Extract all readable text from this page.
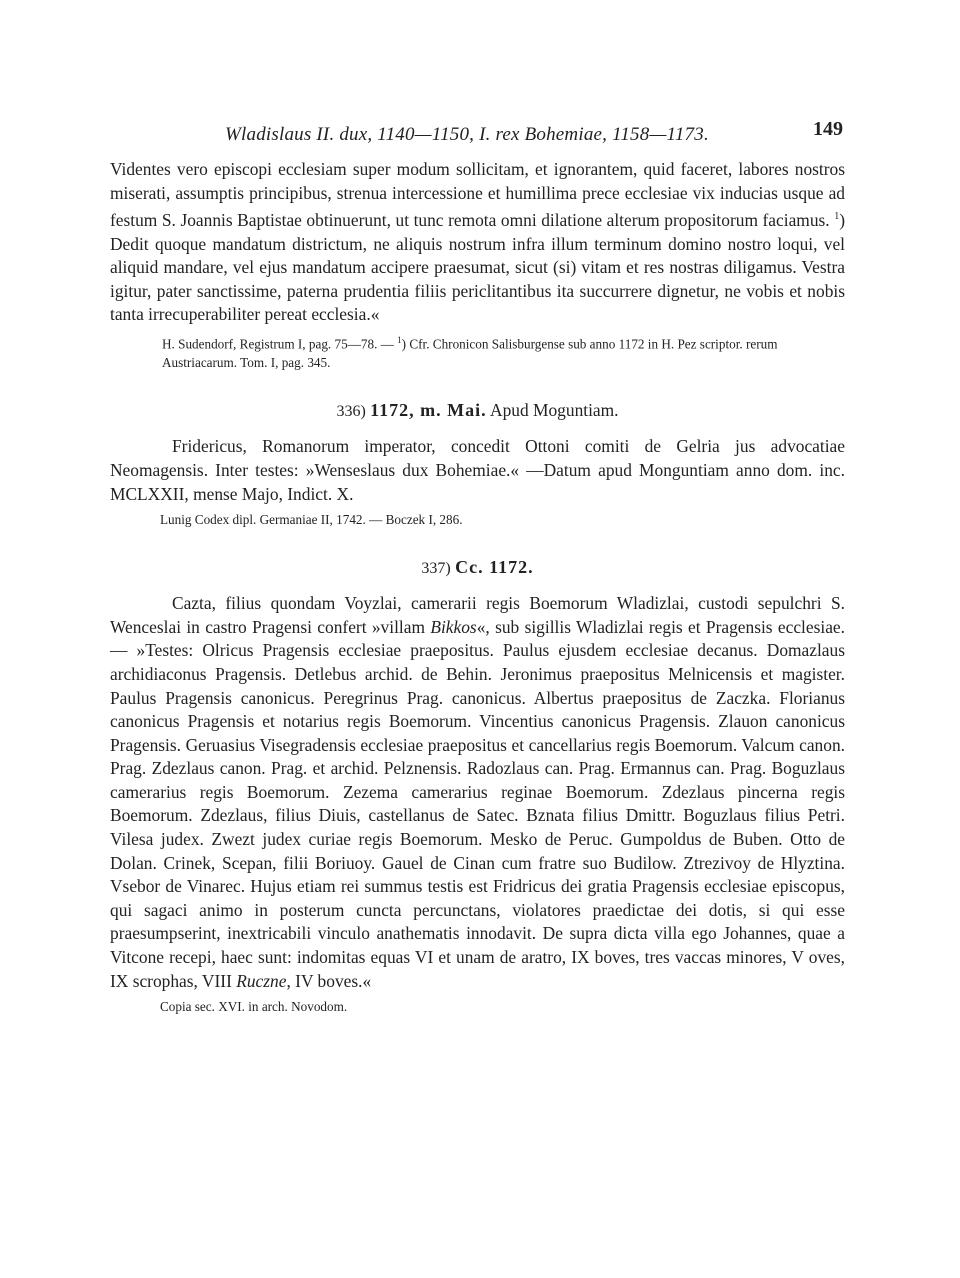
Wladislaus II. dux, 1140—1150, I. rex Bohemiae, 1158—1173.	149

Videntes vero episcopi ecclesiam super modum sollicitam, et ignorantem, quid faceret, labores nostros miserati, assumptis principibus, strenua intercessione et humillima prece ecclesiae vix inducias usque ad festum S. Joannis Baptistae obtinuerunt, ut tunc remota omni dilatione alterum propositorum faciamus. $^1$) Dedit quoque mandatum districtum, ne aliquis nostrum infra illum terminum domino nostro loqui, vel aliquid mandare, vel ejus mandatum accipere praesumat, sicut (si) vitam et res nostras diligamus. Vestra igitur, pater sanctissime, paterna prudentia filiis periclitantibus ita succurrere dignetur, ne vobis et nobis tanta irrecuperabiliter pereat ecclesia.«

H. Sudendorf, Registrum I, pag. 75—78. — $^1$) Cfr. Chronicon Salisburgense sub anno 1172 in H. Pez scriptor. rerum Austriacarum. Tom. I, pag. 345.
336) 1172, m. Mai. Apud Moguntiam.

Fridericus, Romanorum imperator, concedit Ottoni comiti de Gelria jus advocatiae Neomagensis. Inter testes: »Wenseslaus dux Bohemiae.« —Datum apud Monguntiam anno dom. inc. MCLXXII, mense Majo, Indict. X.

Lunig Codex dipl. Germaniae II, 1742. — Boczek I, 286.
337) Cc. 1172.

Cazta, filius quondam Voyzlai, camerarii regis Boemorum Wladizlai, custodi sepulchri S. Wenceslai in castro Pragensi confert »villam Bikkos«, sub sigillis Wladizlai regis et Pragensis ecclesiae. — »Testes: Olricus Pragensis ecclesiae praepositus. Paulus ejusdem ecclesiae decanus. Domazlaus archidiaconus Pragensis. Detlebus archid. de Behin. Jeronimus praepositus Melnicensis et magister. Paulus Pragensis canonicus. Peregrinus Prag. canonicus. Albertus praepositus de Zaczka. Florianus canonicus Pragensis et notarius regis Boemorum. Vincentius canonicus Pragensis. Zlauon canonicus Pragensis. Geruasius Visegradensis ecclesiae praepositus et cancellarius regis Boemorum. Valcum canon. Prag. Zdezlaus canon. Prag. et archid. Pelznensis. Radozlaus can. Prag. Ermannus can. Prag. Boguzlaus camerarius regis Boemorum. Zezema camerarius reginae Boemorum. Zdezlaus pincerna regis Boemorum. Zdezlaus, filius Diuis, castellanus de Satec. Bznata filius Dmittr. Boguzlaus filius Petri. Vilesa judex. Zwezt judex curiae regis Boemorum. Mesko de Peruc. Gumpoldus de Buben. Otto de Dolan. Crinek, Scepan, filii Boriuoy. Gauel de Cinan cum fratre suo Budilow. Ztrezivoy de Hlyztina. Vsebor de Vinarec. Hujus etiam rei summus testis est Fridricus dei gratia Pragensis ecclesiae episcopus, qui sagaci animo in posterum cuncta percunctans, violatores praedictae dei dotis, si qui esse praesumpserint, inextricabili vinculo anathematis innodavit. De supra dicta villa ego Johannes, quae a Vitcone recepi, haec sunt: indomitas equas VI et unam de aratro, IX boves, tres vaccas minores, V oves, IX scrophas, VIII Ruczne, IV boves.«

Copia sec. XVI. in arch. Novodom.
